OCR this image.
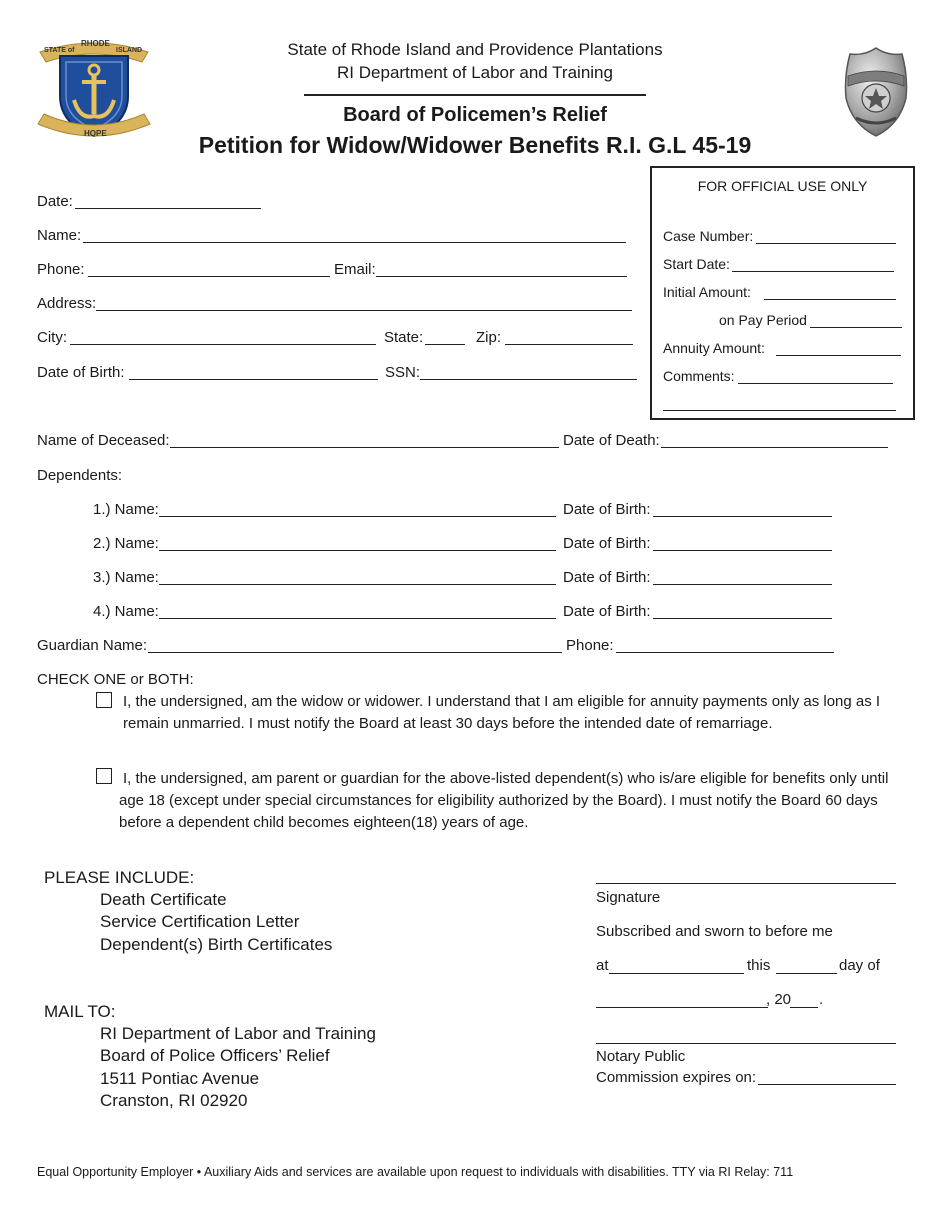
RHODE
STATE of	ISLAND
HOPE
State of Rhode Island and Providence Plantations
RI Department of Labor and Training
Board of Policemen’s Relief
Petition for Widow/Widower Benefits R.I. G.L 45-19
Date:
Name:
Phone:	Email:
Address:
City:	State:	Zip:
Date of Birth:	SSN:
FOR OFFICIAL USE ONLY
Case Number:
Start Date:
Initial Amount:
on Pay Period
Annuity Amount:
Comments:
Name of Deceased:	Date of Death:
Dependents:
1.) Name:	Date of Birth:
2.) Name:	Date of Birth:
3.) Name:	Date of Birth:
4.) Name:	Date of Birth:
Guardian Name:	Phone:
CHECK ONE or BOTH:
I, the undersigned, am the widow or widower. I understand that I am eligible for annuity payments only as long as I remain unmarried. I must notify the Board at least 30 days before the intended date of remarriage.
I, the undersigned, am parent or guardian for the above-listed dependent(s) who is/are eligible for benefits only until age 18 (except under special circumstances for eligibility authorized by the Board). I must notify the Board 60 days before a dependent child becomes eighteen(18) years of age.
PLEASE INCLUDE:
Death Certificate
Service Certification Letter
Dependent(s) Birth Certificates
MAIL TO:
RI Department of Labor and Training
Board of Police Officers’ Relief
1511 Pontiac Avenue
Cranston, RI 02920
Signature
Subscribed and sworn to before me
at	this	day of
, 20 .
Notary Public
Commission expires on:
Equal Opportunity Employer • Auxiliary Aids and services are available upon request to individuals with disabilities. TTY via RI Relay: 711
